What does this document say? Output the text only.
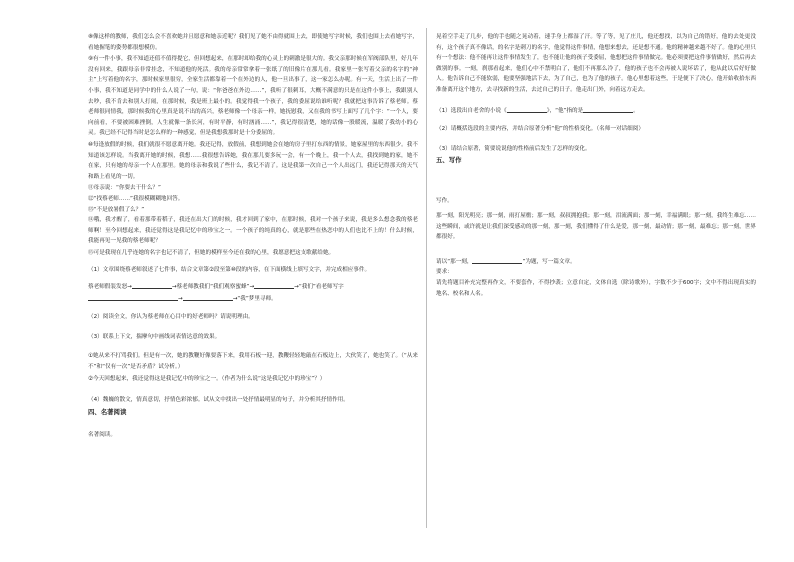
⑧像这样的教师，我们怎么会不喜欢她并且愿意和她亲近呢？我们见了她不由得就围上去，即使她写字时候，我们也围上去看她写字，看她握笔的姿势都很想模仿。

⑨有一件小事，我不知道还值不值得提它，但回想起来，在那时却给我的心灵上的刺激是很大的。我父亲那时候在军阀部队里，好几年没有回来，我跟母亲非常挂念，不知道他的死活。我的母亲常常拿着一张纸了的旧像片在那儿看。我家里一张写着父亲的名字的“神主”上写着他的名字，那时候家里很穷，全家生活都靠着一个在外边的人，他一旦出事了，这一家怎么办呢。有一天，生活上出了一件小事，我不知道是同学中的什么人说了一句，说：“你爸爸在外边……”，我听了很刺耳，大概不满意的只是在这件小事上，我跟别人去吵，我不肯去和别人打闹，在那时候，我是班上最小的。我觉得我一个孩子，我的委屈说给谁听呢？我就把这事告诉了蔡老师。蔡老师很同情我，那时候我的心里真是说不出的高兴，蔡老师像一个母亲一样，她抚慰我，又在我的书写上面写了几个字：“一个人，要向前看，不要被困难挫倒，人生就像一条长河，有时平静，有时汹涌……”，我记得很清楚，她的话像一股暖流，温暖了我幼小的心灵。我已经不记得当时是怎么样的一种感觉，但是我想我那时是十分委屈的。

⑩每逢放假的时候，我们就很不愿意离开她。我还记得，放假前，我想到她会在她的房子里打东西的情景，她家屋里的东西很少。我不知道该怎样说。当我离开她的时候，我想……我很想告诉她，我在那儿要多玩一会，有一个晚上，我一个人去，我找到她的家，她不在家，只有她的母亲一个人在那里。她的母亲和我说了些什么，我记不清了。这是我第一次自己一个人出远门，我还记得那天的天气和路上看见的一切。

⑪母亲说：“你要去干什么？”

⑫“找蔡老师……”我很模糊糊地回答。

⑬“不是放暑假了么？”

⑭哦，我才醒了，看着那带着稻子，我还在出大门的时候，我才回到了家中，在那时候，我对一个孩子来说，我是多么想念我的蔡老师啊！至今回想起来，我还觉得这是我记忆中的珍宝之一。一个孩子的纯真的心，就是那些在热恋中的人们也比不上的！什么时候，我能再见一见我的蔡老师呢？

⑮可是我现在几乎连她的名字也记不清了，但她的模样至今还在我的心里，我愿意把这支歌献给她。

（1）文章围绕蔡老师叙述了七件事，结合文章第②段至第⑩段的内容，在下面横线上填写文字，并完成相应事件。

蔡老师假装发怒→	→蔡老师教我们“我们观察蜜蜂”→	→“我们”看老师写字

→	→“我”梦里寻师。

（2）阅读全文，你认为蔡老师在心目中的好老师吗？请说明理由。

（3）联系上下文，揣摩句中画线词表情达意的效果。

①她从来不打骂我们。但是有一次，她的教鞭好像要落下来，我用石板一迎，教鞭轻轻地敲在石板边上，大伙笑了，她也笑了。（“从来不”和“仅有一次”是否矛盾？试分析。）

②今天回想起来，我还觉得这是我记忆中的珍宝之一。（作者为什么说“这是我记忆中的珍宝”？）

（4）魏巍的散文，情真意切，抒情色彩浓郁。试从文中找出一处抒情最明显的句子，并分析其抒情作用。

四、名著阅读

名著阅读。

晃着空手走了几步，他的手也随之晃动着，速手身上都湿了汗。等了等，见了庄儿，他还想找，以为自己的错好，他的去处更没有，这个孩子真不像话，的名字是刺刀的名字，他觉得这件事情，他想来想去，还是想不通。他的精神越来越不好了。他的心里只有一个想法：他不能再让这件事情发生了，也不能让他的孩子受委屈，他想把这件事情做完。他必须要把这件事情做好，然后再去做别的事。一刻，刹那看起来，他们心中不禁明白了，他们不再那么冷了，他的孩子也不会再被人说坏话了，他从此以后好好做人。他告诉自己不能软弱，他要坚强地活下去，为了自己，也为了他的孩子。他心里想着这些，于是便下了决心，他开始收拾东西准备离开这个地方，去寻找新的生活，去过自己的日子。他走出门外，向着远方走去。

（1）选段出自老舍的小说《	》，“他”指的是	。

（2）请概括选段的主要内容，并结合原著分析“他”的性格变化。（名师一对话细阅）

（3）请结合原著，简要说说他的性格前后发生了怎样的变化。

五、写作

写作。

那一刻，阳光明亮；那一刻，雨打屋檐；那一刻，叔叔拥抱我；那一刻，泪流满面；那一刻，幸福满眼；那一刻，我终生难忘……这些瞬间，或许就是让我们深受感动的那一刻，那一刻，我们懂得了什么是爱，那一刻，最动情；那一刻，最难忘；那一刻，世界都很好。

请以“那一刻，	”为题，写一篇文章。

要求：

请先将题目补充完整再作文，不要套作，不得抄袭；立意自定，文体自选（除诗歌外），字数不少于600字；文中不得出现真实的地名、校名和人名。
